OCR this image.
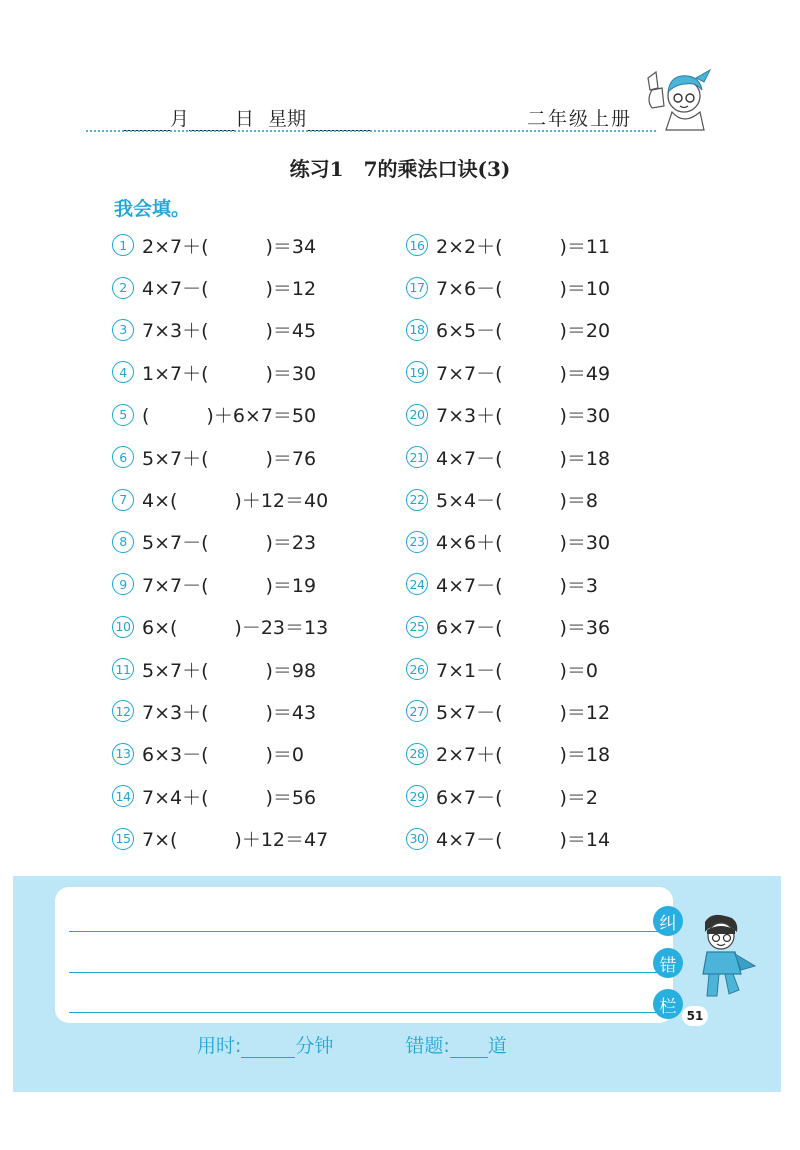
月 日 星期	二年级上册
练习1　7的乘法口诀(3)
我会填。
1 2×7＋(　　　)＝34
2 4×7－(　　　)＝12
3 7×3＋(　　　)＝45
4 1×7＋(　　　)＝30
5 (　　　)＋6×7＝50
6 5×7＋(　　　)＝76
7 4×(　　　)＋12＝40
8 5×7－(　　　)＝23
9 7×7－(　　　)＝19
10 6×(　　　)－23＝13
11 5×7＋(　　　)＝98
12 7×3＋(　　　)＝43
13 6×3－(　　　)＝0
14 7×4＋(　　　)＝56
15 7×(　　　)＋12＝47
16 2×2＋(　　　)＝11
17 7×6－(　　　)＝10
18 6×5－(　　　)＝20
19 7×7－(　　　)＝49
20 7×3＋(　　　)＝30
21 4×7－(　　　)＝18
22 5×4－(　　　)＝8
23 4×6＋(　　　)＝30
24 4×7－(　　　)＝3
25 6×7－(　　　)＝36
26 7×1－(　　　)＝0
27 5×7－(　　　)＝12
28 2×7＋(　　　)＝18
29 6×7－(　　　)＝2
30 4×7－(　　　)＝14
纠
错
栏 51
用时:	分钟	错题: 道
